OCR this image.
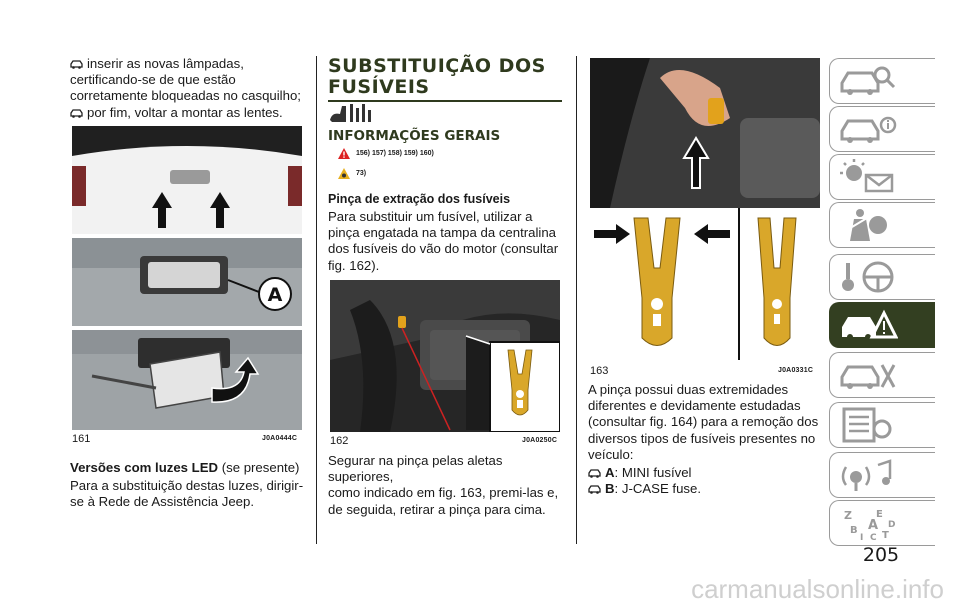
inserir as novas lâmpadas,
certificando-se de que estão
corretamente bloqueadas no casquilho;
por fim, voltar a montar as lentes.
A
161	J0A0444C
Versões com luzes LED (se presente)
Para a substituição destas luzes, dirigir-
se à Rede de Assistência Jeep.
SUBSTITUIÇÃO DOS
FUSÍVEIS
INFORMAÇÕES GERAIS
156) 157) 158) 159) 160)
73)
Pinça de extração dos fusíveis
Para substituir um fusível, utilizar a
pinça engatada na tampa da centralina
dos fusíveis do vão do motor (consultar
fig. 162).
162	J0A0250C
Segurar na pinça pelas aletas superiores,
como indicado em fig. 163, premi-las e,
de seguida, retirar a pinça para cima.
163	J0A0331C
A pinça possui duas extremidades
diferentes e devidamente estudadas
(consultar fig. 164) para a remoção dos
diversos tipos de fusíveis presentes no
veículo:
A : MINI fusível
B : J-CASE fuse.
Z E
B A
I C T
D
205
carmanualsonline.info
